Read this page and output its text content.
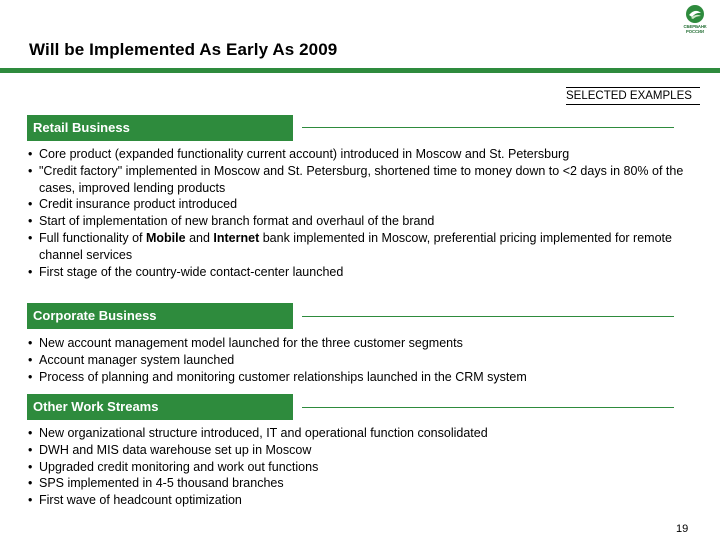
СБЕРБАНК
РОССИИ
Will be Implemented As Early As 2009
SELECTED EXAMPLES
Retail Business
• Core product (expanded functionality current account) introduced in Moscow and St. Petersburg
• "Credit factory" implemented in Moscow and St. Petersburg, shortened time to money down to <2 days in 80% of the cases, improved lending products
• Credit insurance product introduced
• Start of implementation of new branch format and overhaul of the brand
• Full functionality of Mobile and Internet bank implemented in Moscow, preferential pricing implemented for remote channel services
• First stage of the country-wide contact-center launched
Corporate Business
• New account management model launched for the three customer segments
• Account manager system launched
• Process of planning and monitoring customer relationships launched in the CRM system
Other Work Streams
• New organizational structure introduced, IT and operational function consolidated
• DWH and MIS data warehouse set up in Moscow
• Upgraded credit monitoring and work out functions
• SPS implemented in 4-5 thousand branches
• First wave of headcount optimization
19
